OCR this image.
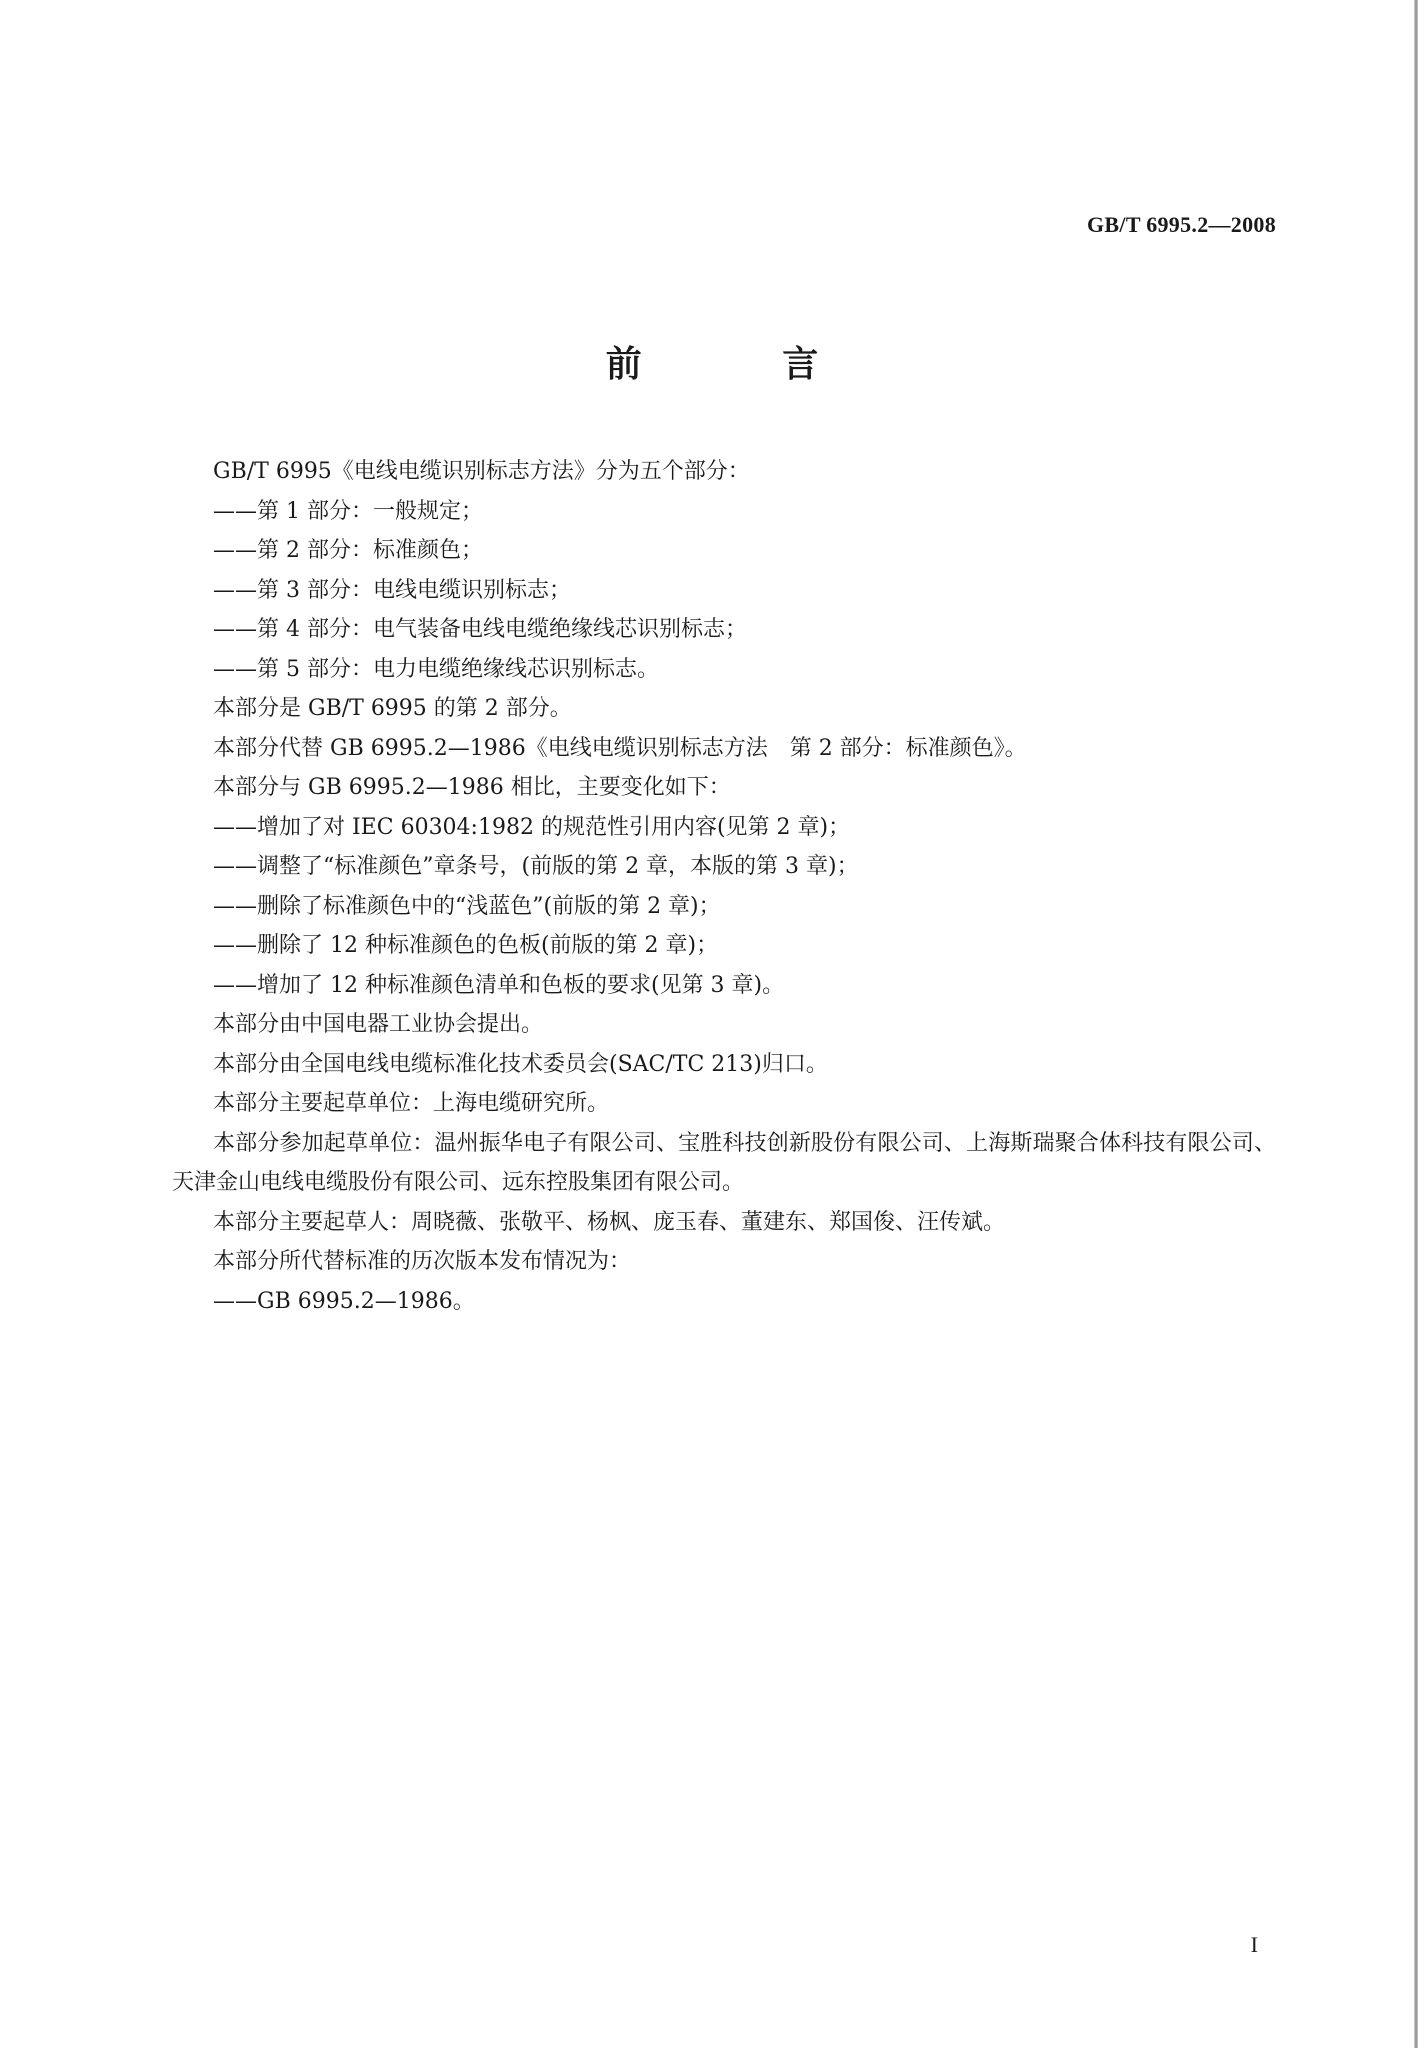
GB/T 6995.2—2008
前 言

GB/T 6995《电线电缆识别标志方法》分为五个部分：

——第 1 部分：一般规定；

——第 2 部分：标准颜色；

——第 3 部分：电线电缆识别标志；

——第 4 部分：电气装备电线电缆绝缘线芯识别标志；

——第 5 部分：电力电缆绝缘线芯识别标志。

本部分是 GB/T 6995 的第 2 部分。

本部分代替 GB 6995.2—1986《电线电缆识别标志方法　第 2 部分：标准颜色》。

本部分与 GB 6995.2—1986 相比，主要变化如下：

——增加了对 IEC 60304:1982 的规范性引用内容(见第 2 章)；

——调整了“标准颜色”章条号，(前版的第 2 章，本版的第 3 章)；

——删除了标准颜色中的“浅蓝色”(前版的第 2 章)；

——删除了 12 种标准颜色的色板(前版的第 2 章)；

——增加了 12 种标准颜色清单和色板的要求(见第 3 章)。

本部分由中国电器工业协会提出。

本部分由全国电线电缆标准化技术委员会(SAC/TC 213)归口。

本部分主要起草单位：上海电缆研究所。

本部分参加起草单位：温州振华电子有限公司、宝胜科技创新股份有限公司、上海斯瑞聚合体科技有限公司、天津金山电线电缆股份有限公司、远东控股集团有限公司。

本部分主要起草人：周晓薇、张敬平、杨枫、庞玉春、董建东、郑国俊、汪传斌。

本部分所代替标准的历次版本发布情况为：

——GB 6995.2—1986。

I
